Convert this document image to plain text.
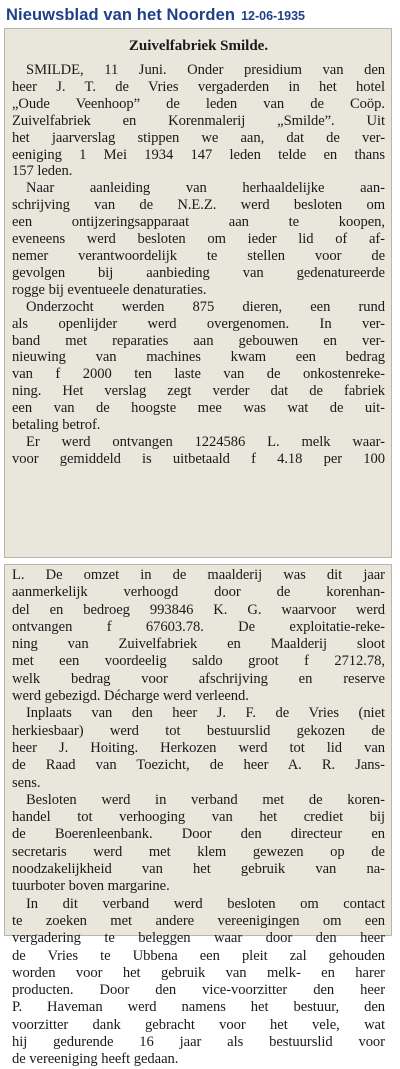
Nieuwsblad van het Noorden 12-06-1935
Zuivelfabriek Smilde.
SMILDE, 11 Juni. Onder presidium van den
heer J. T. de Vries vergaderden in het hotel
„Oude Veenhoop” de leden van de Coöp.
Zuivelfabriek en Korenmalerij „Smilde”. Uit
het jaarverslag stippen we aan, dat de ver-
eeniging 1 Mei 1934 147 leden telde en thans
157 leden.
Naar aanleiding van herhaaldelijke aan-
schrijving van de N.E.Z. werd besloten om
een ontijzeringsapparaat aan te koopen,
eveneens werd besloten om ieder lid of af-
nemer verantwoordelijk te stellen voor de
gevolgen bij aanbieding van gedenatureerde
rogge bij eventueele denaturaties.
Onderzocht werden 875 dieren, een rund
als openlijder werd overgenomen. In ver-
band met reparaties aan gebouwen en ver-
nieuwing van machines kwam een bedrag
van f 2000 ten laste van de onkostenreke-
ning. Het verslag zegt verder dat de fabriek
een van de hoogste mee was wat de uit-
betaling betrof.
Er werd ontvangen 1224586 L. melk waar-
voor gemiddeld is uitbetaald f 4.18 per 100
L. De omzet in de maalderij was dit jaar
aanmerkelijk verhoogd door de korenhan-
del en bedroeg 993846 K. G. waarvoor werd
ontvangen f 67603.78. De exploitatie-reke-
ning van Zuivelfabriek en Maalderij sloot
met een voordeelig saldo groot f 2712.78,
welk bedrag voor afschrijving en reserve
werd gebezigd. Décharge werd verleend.
Inplaats van den heer J. F. de Vries (niet
herkiesbaar) werd tot bestuurslid gekozen de
heer J. Hoiting. Herkozen werd tot lid van
de Raad van Toezicht, de heer A. R. Jans-
sens.
Besloten werd in verband met de koren-
handel tot verhooging van het crediet bij
de Boerenleenbank. Door den directeur en
secretaris werd met klem gewezen op de
noodzakelijkheid van het gebruik van na-
tuurboter boven margarine.
In dit verband werd besloten om contact
te zoeken met andere vereenigingen om een
vergadering te beleggen waar door den heer
de Vries te Ubbena een pleit zal gehouden
worden voor het gebruik van melk- en harer
producten. Door den vice-voorzitter den heer
P. Haveman werd namens het bestuur, den
voorzitter dank gebracht voor het vele, wat
hij gedurende 16 jaar als bestuurslid voor
de vereeniging heeft gedaan.
